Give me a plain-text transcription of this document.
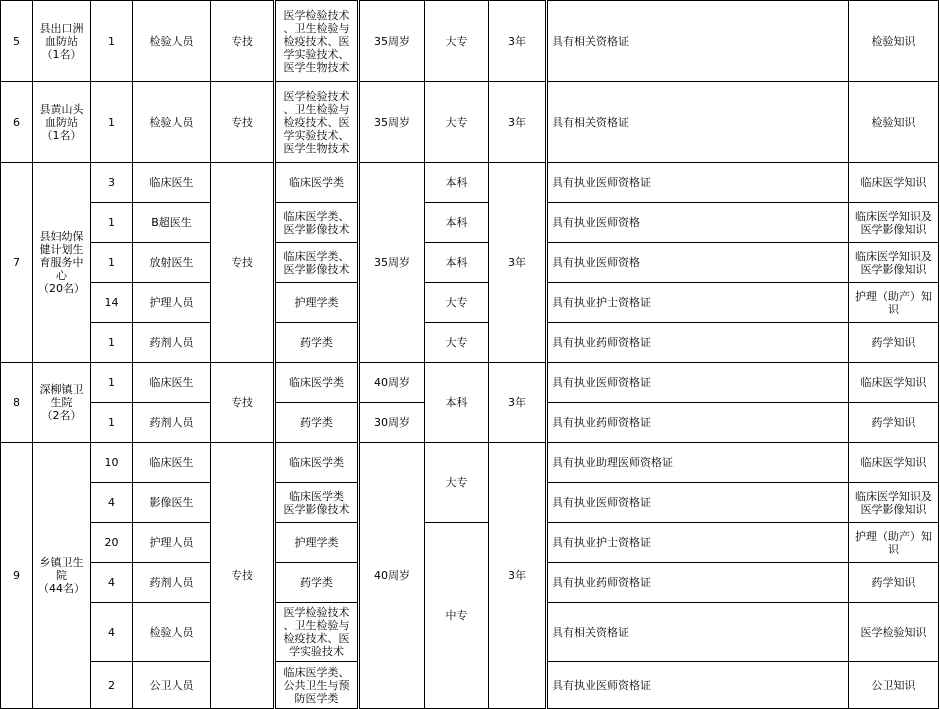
5	县出口洲
血防站
（1名）	1	检验人员	专技	医学检验技术
、卫生检验与
检疫技术、医
学实验技术、
医学生物技术	35周岁	大专	3年	具有相关资格证	检验知识
6	县黄山头
血防站
（1名）	1	检验人员	专技	医学检验技术
、卫生检验与
检疫技术、医
学实验技术、
医学生物技术	35周岁	大专	3年	具有相关资格证	检验知识
7	县妇幼保
健计划生
育服务中
心
（20名）	3	临床医生	专技	临床医学类	35周岁	本科	3年	具有执业医师资格证	临床医学知识
		1	B超医生		临床医学类、
医学影像技术		本科		具有执业医师资格	临床医学知识及
医学影像知识
		1	放射医生		临床医学类、
医学影像技术		本科		具有执业医师资格	临床医学知识及
医学影像知识
		14	护理人员		护理学类		大专		具有执业护士资格证	护理（助产）知
识
		1	药剂人员		药学类		大专		具有执业药师资格证	药学知识
8	深柳镇卫
生院
（2名）	1	临床医生	专技	临床医学类	40周岁	本科	3年	具有执业医师资格证	临床医学知识
		1	药剂人员		药学类	30周岁			具有执业药师资格证	药学知识
9	乡镇卫生
院
（44名）	10	临床医生	专技	临床医学类	40周岁	大专	3年	具有执业助理医师资格证	临床医学知识
		4	影像医生		临床医学类
医学影像技术				具有执业医师资格证	临床医学知识及
医学影像知识
		20	护理人员		护理学类		中专		具有执业护士资格证	护理（助产）知
识
		4	药剂人员		药学类				具有执业药师资格证	药学知识
		4	检验人员		医学检验技术
、卫生检验与
检疫技术、医
学实验技术				具有相关资格证	医学检验知识
		2	公卫人员		临床医学类、
公共卫生与预
防医学类				具有执业医师资格证	公卫知识
